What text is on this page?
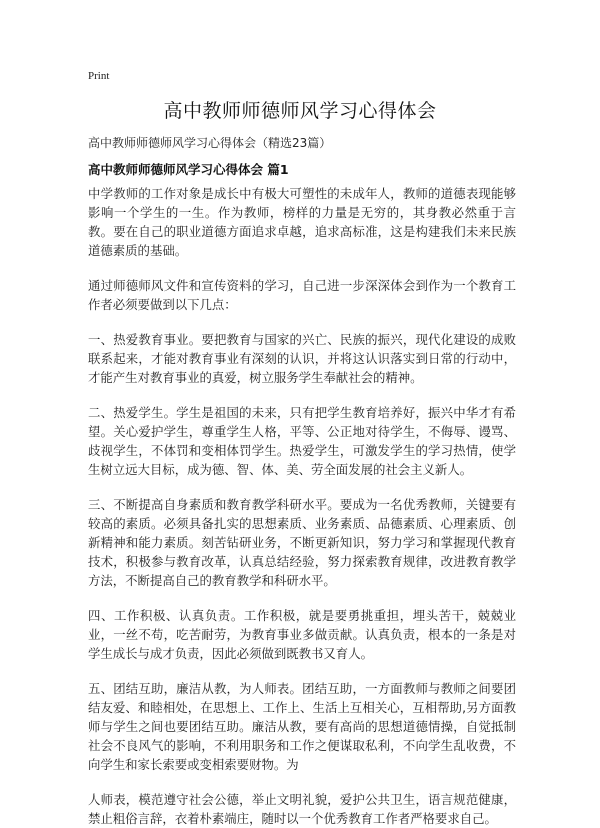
Print
高中教师师德师风学习心得体会
高中教师师德师风学习心得体会（精选23篇）
高中教师师德师风学习心得体会 篇1

中学教师的工作对象是成长中有极大可塑性的未成年人，教师的道德表现能够影响一个学生的一生。作为教师，榜样的力量是无穷的，其身教必然重于言教。要在自己的职业道德方面追求卓越，追求高标准，这是构建我们未来民族道德素质的基础。

通过师德师风文件和宣传资料的学习，自己进一步深深体会到作为一个教育工作者必须要做到以下几点：

一、热爱教育事业。要把教育与国家的兴亡、民族的振兴，现代化建设的成败联系起来，才能对教育事业有深刻的认识，并将这认识落实到日常的行动中，才能产生对教育事业的真爱，树立服务学生奉献社会的精神。

二、热爱学生。学生是祖国的未来，只有把学生教育培养好，振兴中华才有希望。关心爱护学生，尊重学生人格，平等、公正地对待学生，不侮辱、谩骂、歧视学生，不体罚和变相体罚学生。热爱学生，可激发学生的学习热情，使学生树立远大目标，成为德、智、体、美、劳全面发展的社会主义新人。

三、不断提高自身素质和教育教学科研水平。要成为一名优秀教师，关键要有较高的素质。必须具备扎实的思想素质、业务素质、品德素质、心理素质、创新精神和能力素质。刻苦钻研业务，不断更新知识，努力学习和掌握现代教育技术，积极参与教育改革，认真总结经验，努力探索教育规律，改进教育教学方法，不断提高自己的教育教学和科研水平。

四、工作积极、认真负责。工作积极，就是要勇挑重担，埋头苦干，兢兢业业，一丝不苟，吃苦耐劳，为教育事业多做贡献。认真负责，根本的一条是对学生成长与成才负责，因此必须做到既教书又育人。

五、团结互助，廉洁从教，为人师表。团结互助，一方面教师与教师之间要团结友爱、和睦相处，在思想上、工作上、生活上互相关心，互相帮助,另方面教师与学生之间也要团结互助。廉洁从教，要有高尚的思想道德情操，自觉抵制社会不良风气的影响，不利用职务和工作之便谋取私利，不向学生乱收费，不向学生和家长索要或变相索要财物。为

人师表，模范遵守社会公德，举止文明礼貌，爱护公共卫生，语言规范健康，禁止粗俗言辞，衣着朴素端庄，随时以一个优秀教育工作者严格要求自己。
